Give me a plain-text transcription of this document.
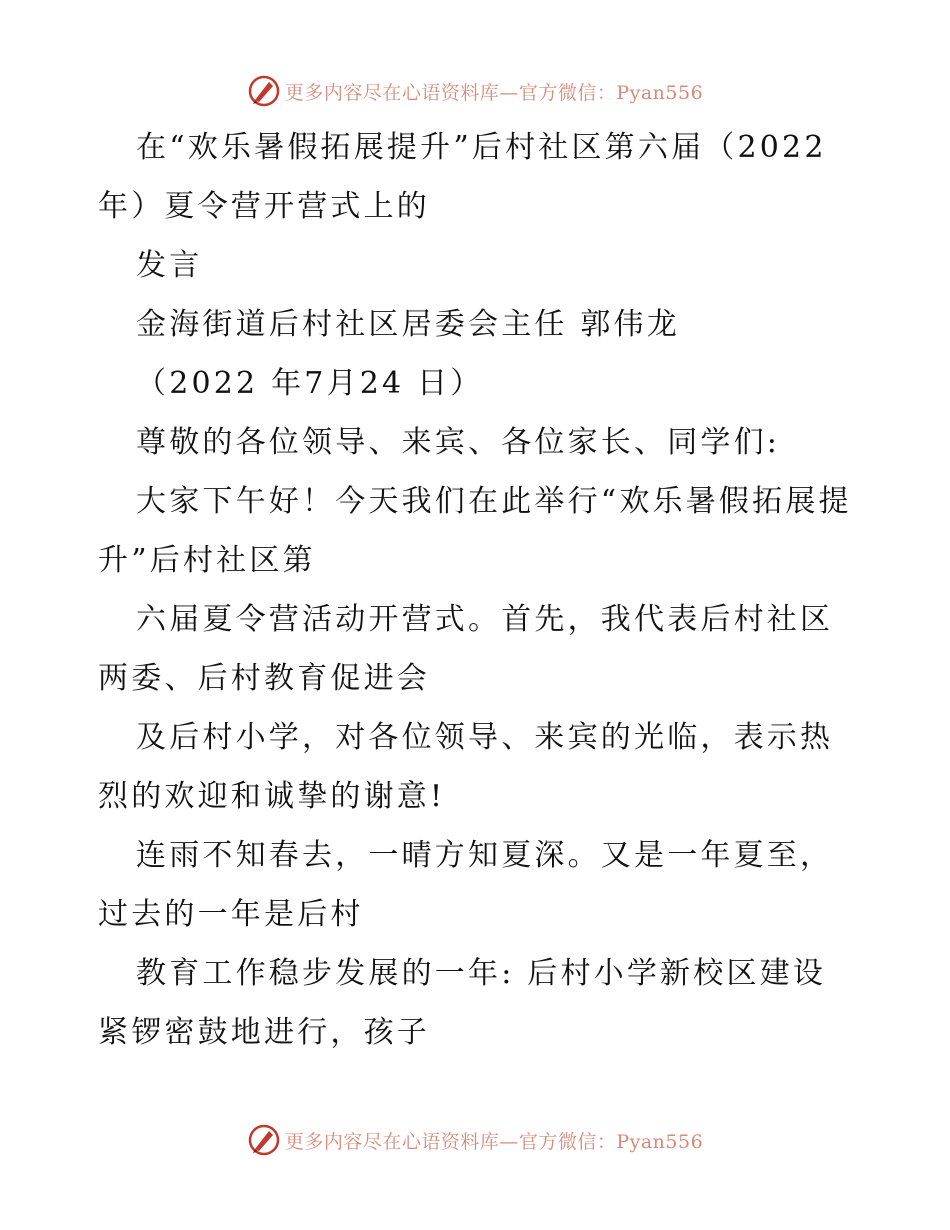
更多内容尽在心语资料库—官方微信：Pyan556

在“欢乐暑假拓展提升”后村社区第六届（2022年）夏令营开营式上的

发言

金海街道后村社区居委会主任 郭伟龙

（2022 年7月24 日）

尊敬的各位领导、来宾、各位家长、同学们:

大家下午好！今天我们在此举行“欢乐暑假拓展提升”后村社区第

六届夏令营活动开营式。首先，我代表后村社区两委、后村教育促进会

及后村小学，对各位领导、来宾的光临，表示热烈的欢迎和诚挚的谢意!

连雨不知春去，一晴方知夏深。又是一年夏至，过去的一年是后村

教育工作稳步发展的一年: 后村小学新校区建设紧锣密鼓地进行，孩子

更多内容尽在心语资料库—官方微信：Pyan556
